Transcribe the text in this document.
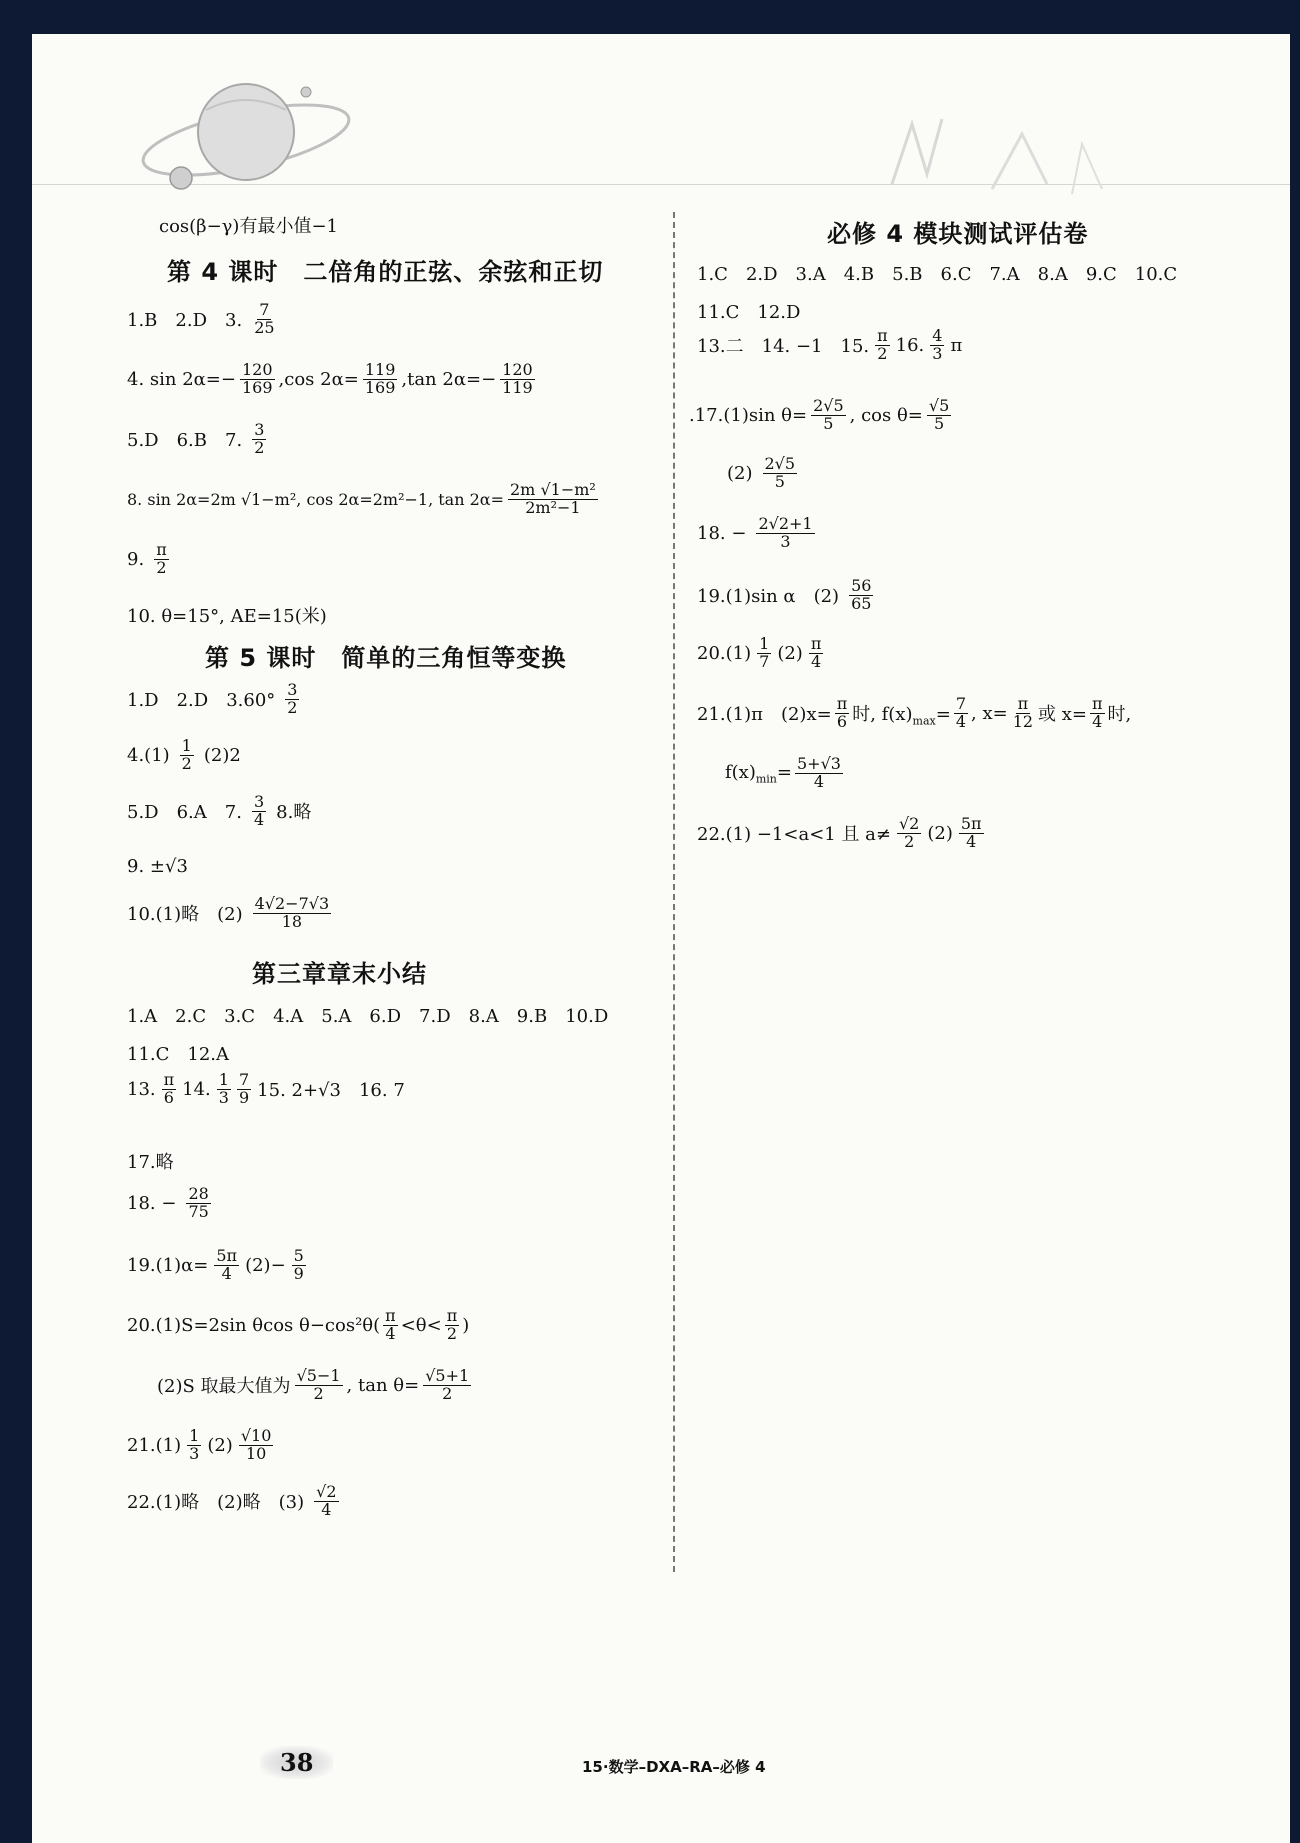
cos(β−γ)有最小值−1
第 4 课时　二倍角的正弦、余弦和正切
1.B　2.D　3. $\frac{7}{25}$
4. $\sin 2\alpha=- \frac{120}{169} ,\cos$ $2\alpha= \frac{119}{169} ,\tan$ $2\alpha=- \frac{120}{119}$
5.D　6.B　7. $\frac{3}{2}$
8. sin 2α=2m √1−m², cos 2α=2m²−1, $\tan 2\alpha= \frac{\text{2m √1−m²}}{\text{2m²−1}}$
9. $\frac{\pi}{2}$
10. θ=15°, AE=15(米)
第 5 课时　简单的三角恒等变换
1.D　2.D　$3.60^\circ \frac{3}{2}$
$4.(1) \frac{1}{2} (2)2$
5.D　6.A　7. $\frac{3}{4} 8$.略
9. ±√3
10.(1)略　$(2) \frac{4√2-7√3}{18}$
第三章章末小结
1.A　2.C　3.C　4.A　5.A　6.D　7.D　8.A　9.B　10.D
11.C　12.A
13. $\frac{\pi}{6} 14$. $\frac{1}{3} \frac{7}{9} 15$. 2+√3　16. 7
17.略
18. − $\frac{28}{75}$
$19.(1)\alpha= \frac{5\pi}{4} (2)- \frac{5}{9}$
20.(1)S=2sin θcos $\theta-\cos^2\theta( \frac{\pi}{4} <\theta< \frac{\pi}{2}$ )
(2)S 取最大值为 $\frac{√5-1}{2}$ , $\tan \theta= \frac{√5+1}{2}$
$21.(1) \frac{1}{3} (2) \frac{√10}{10}$
22.(1)略　(2)略　$(3) \frac{√2}{4}$
必修 4 模块测试评估卷
1.C　2.D　3.A　4.B　5.B　6.C　7.A　8.A　9.C　10.C
11.C　12.D
13.二　14. −1　15. $\frac{\pi}{2} 16$. $\frac{4}{3}$ π
.17.(1)sin $\theta= \frac{2√5}{5}$ , $\cos \theta= \frac{√5}{5}$
$(2) \frac{2√5}{5}$
18. − $\frac{2√2+1}{3}$
19.(1)sin α　$(2) \frac{56}{65}$
$20.(1) \frac{1}{7} (2) \frac{\pi}{4}$
21.(1)π　$(2)x= \frac{\pi}{6}$ 时, $f(x)_{max}= \frac{7}{4}$ , $x= \frac{\pi}{12}$ 或 $x= \frac{\pi}{4}$ 时,
$f(x)_{min}= \frac{5+√3}{4}$
22.(1) −1<a<1 且 $a\ne \frac{√2}{2} (2) \frac{5\pi}{4}$
38	15·数学–DXA–RA–必修 4
